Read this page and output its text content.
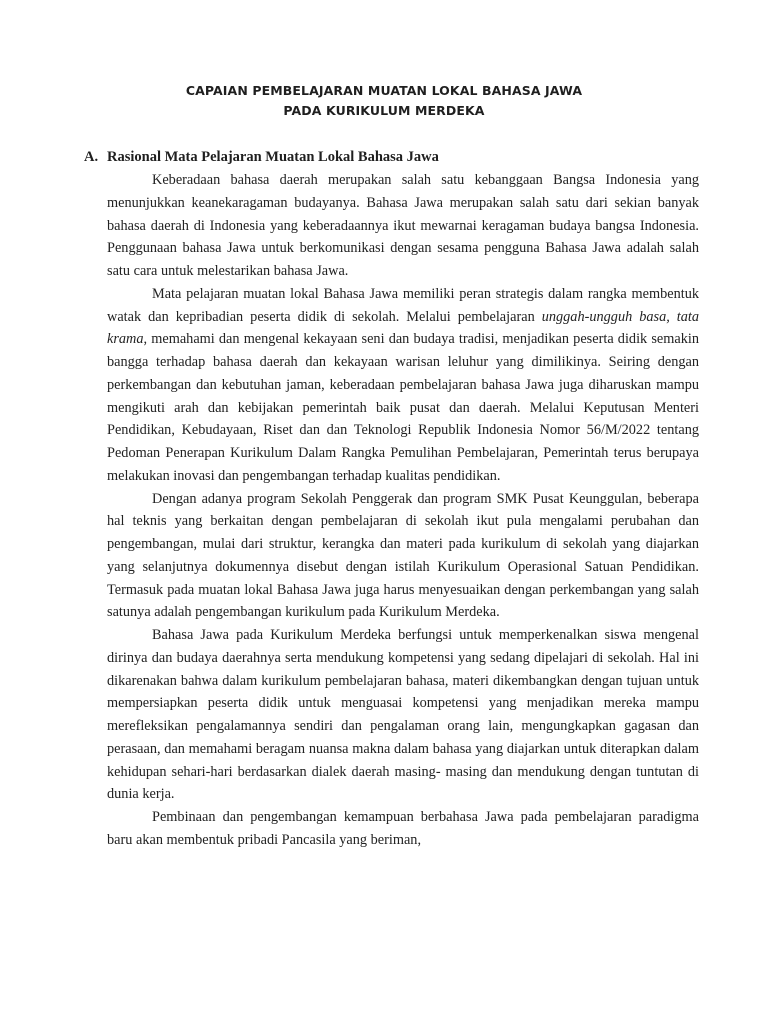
CAPAIAN PEMBELAJARAN MUATAN LOKAL BAHASA JAWA
PADA KURIKULUM MERDEKA
A. Rasional Mata Pelajaran Muatan Lokal Bahasa Jawa

Keberadaan bahasa daerah merupakan salah satu kebanggaan Bangsa Indonesia yang menunjukkan keanekaragaman budayanya. Bahasa Jawa merupakan salah satu dari sekian banyak bahasa daerah di Indonesia yang keberadaannya ikut mewarnai keragaman budaya bangsa Indonesia. Penggunaan bahasa Jawa untuk berkomunikasi dengan sesama pengguna Bahasa Jawa adalah salah satu cara untuk melestarikan bahasa Jawa.

Mata pelajaran muatan lokal Bahasa Jawa memiliki peran strategis dalam rangka membentuk watak dan kepribadian peserta didik di sekolah. Melalui pembelajaran unggah-ungguh basa, tata krama, memahami dan mengenal kekayaan seni dan budaya tradisi, menjadikan peserta didik semakin bangga terhadap bahasa daerah dan kekayaan warisan leluhur yang dimilikinya. Seiring dengan perkembangan dan kebutuhan jaman, keberadaan pembelajaran bahasa Jawa juga diharuskan mampu mengikuti arah dan kebijakan pemerintah baik pusat dan daerah. Melalui Keputusan Menteri Pendidikan, Kebudayaan, Riset dan dan Teknologi Republik Indonesia Nomor 56/M/2022 tentang Pedoman Penerapan Kurikulum Dalam Rangka Pemulihan Pembelajaran, Pemerintah terus berupaya melakukan inovasi dan pengembangan terhadap kualitas pendidikan.

Dengan adanya program Sekolah Penggerak dan program SMK Pusat Keunggulan, beberapa hal teknis yang berkaitan dengan pembelajaran di sekolah ikut pula mengalami perubahan dan pengembangan, mulai dari struktur, kerangka dan materi pada kurikulum di sekolah yang diajarkan yang selanjutnya dokumennya disebut dengan istilah Kurikulum Operasional Satuan Pendidikan. Termasuk pada muatan lokal Bahasa Jawa juga harus menyesuaikan dengan perkembangan yang salah satunya adalah pengembangan kurikulum pada Kurikulum Merdeka.

Bahasa Jawa pada Kurikulum Merdeka berfungsi untuk memperkenalkan siswa mengenal dirinya dan budaya daerahnya serta mendukung kompetensi yang sedang dipelajari di sekolah. Hal ini dikarenakan bahwa dalam kurikulum pembelajaran bahasa, materi dikembangkan dengan tujuan untuk mempersiapkan peserta didik untuk menguasai kompetensi yang menjadikan mereka mampu merefleksikan pengalamannya sendiri dan pengalaman orang lain, mengungkapkan gagasan dan perasaan, dan memahami beragam nuansa makna dalam bahasa yang diajarkan untuk diterapkan dalam kehidupan sehari-hari berdasarkan dialek daerah masing- masing dan mendukung dengan tuntutan di dunia kerja.

Pembinaan dan pengembangan kemampuan berbahasa Jawa pada pembelajaran paradigma baru akan membentuk pribadi Pancasila yang beriman,
